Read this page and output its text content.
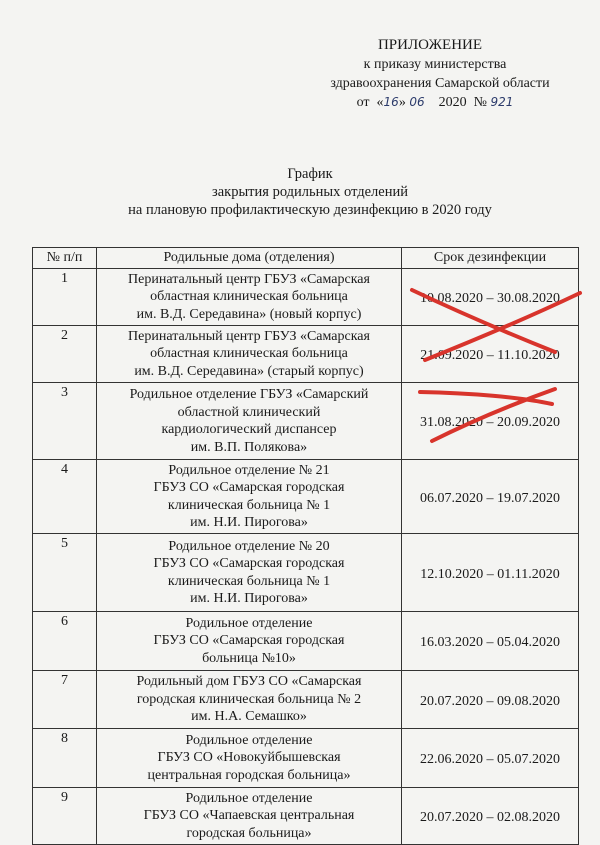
ПРИЛОЖЕНИЕ
к приказу министерства
здравоохранения Самарской области
от «16» 06 2020 № 921
График
закрытия родильных отделений
на плановую профилактическую дезинфекцию в 2020 году
№ п/п	Родильные дома (отделения)	Срок дезинфекции
1	Перинатальный центр ГБУЗ «Самарская
областная клиническая больница
им. В.Д. Середавина» (новый корпус)	10.08.2020 – 30.08.2020
2	Перинатальный центр ГБУЗ «Самарская
областная клиническая больница
им. В.Д. Середавина» (старый корпус)	21.09.2020 – 11.10.2020
3	Родильное отделение ГБУЗ «Самарский
областной клинический
кардиологический диспансер
им. В.П. Полякова»	31.08.2020 – 20.09.2020
4	Родильное отделение № 21
ГБУЗ СО «Самарская городская
клиническая больница № 1
им. Н.И. Пирогова»	06.07.2020 – 19.07.2020
5	Родильное отделение № 20
ГБУЗ СО «Самарская городская
клиническая больница № 1
им. Н.И. Пирогова»	12.10.2020 – 01.11.2020
6	Родильное отделение
ГБУЗ СО «Самарская городская
больница №10»	16.03.2020 – 05.04.2020
7	Родильный дом ГБУЗ СО «Самарская
городская клиническая больница № 2
им. Н.А. Семашко»	20.07.2020 – 09.08.2020
8	Родильное отделение
ГБУЗ СО «Новокуйбышевская
центральная городская больница»	22.06.2020 – 05.07.2020
9	Родильное отделение
ГБУЗ СО «Чапаевская центральная
городская больница»	20.07.2020 – 02.08.2020
